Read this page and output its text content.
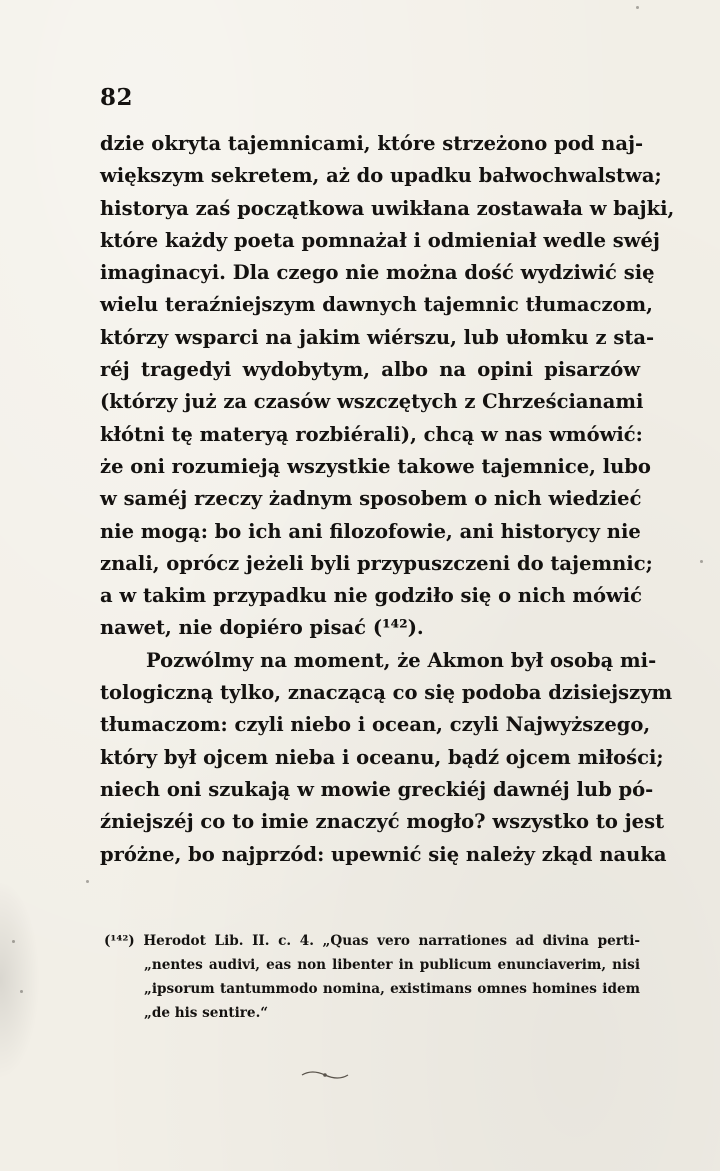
82

dzie okryta tajemnicami, które strzeżono pod naj-
większym sekretem, aż do upadku bałwochwalstwa;
historya zaś początkowa uwikłana zostawała w bajki,
które każdy poeta pomnażał i odmieniał wedle swéj
imaginacyi. Dla czego nie można dość wydziwić się
wielu teraźniejszym dawnych tajemnic tłumaczom,
którzy wsparci na jakim wiérszu, lub ułomku z sta-
réj tragedyi wydobytym, albo na opini pisarzów
(którzy już za czasów wszczętych z Chrześcianami
kłótni tę materyą rozbiérali), chcą w nas wmówić:
że oni rozumieją wszystkie takowe tajemnice, lubo
w saméj rzeczy żadnym sposobem o nich wiedzieć
nie mogą: bo ich ani filozofowie, ani historycy nie
znali, oprócz jeżeli byli przypuszczeni do tajemnic;
a w takim przypadku nie godziło się o nich mówić
nawet, nie dopiéro pisać (¹⁴²).
Pozwólmy na moment, że Akmon był osobą mi-
tologiczną tylko, znaczącą co się podoba dzisiejszym
tłumaczom: czyli niebo i ocean, czyli Najwyższego,
który był ojcem nieba i oceanu, bądź ojcem miłości;
niech oni szukają w mowie greckiéj dawnéj lub pó-
źniejszéj co to imie znaczyć mogło? wszystko to jest
próżne, bo najprzód: upewnić się należy zkąd nauka
(¹⁴²) Herodot Lib. II. c. 4. „Quas vero narrationes ad divina perti-
„nentes audivi, eas non libenter in publicum enunciaverim, nisi
„ipsorum tantummodo nomina, existimans omnes homines idem
„de his sentire.“
